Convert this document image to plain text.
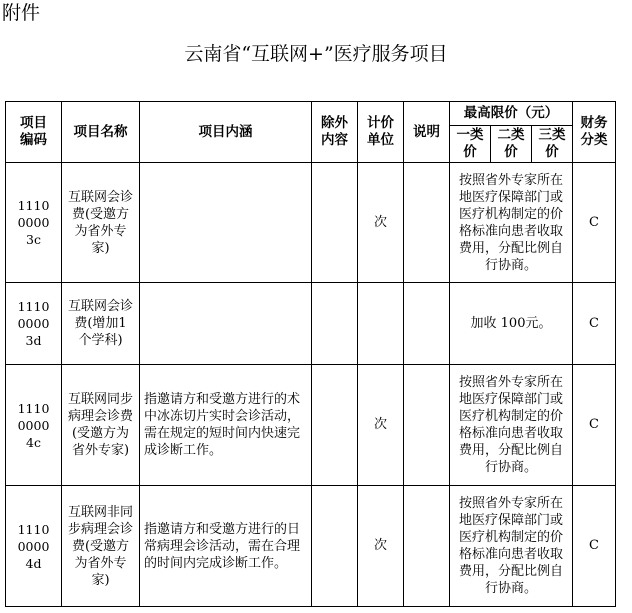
附件
云南省“互联网+”医疗服务项目
项目编码	项目名称	项目内涵	除外内容	计价单位	说明	最高限价（元）			财务分类
						一类价	二类价	三类价	
111000003c	互联网会诊费(受邀方为省外专家)			次		按照省外专家所在地医疗保障部门或医疗机构制定的价格标准向患者收取费用，分配比例自行协商。			C
111000003d	互联网会诊费(增加1个学科)					加收 100元。			C
111000004c	互联网同步病理会诊费(受邀方为省外专家)	指邀请方和受邀方进行的术中冰冻切片实时会诊活动，需在规定的短时间内快速完成诊断工作。		次		按照省外专家所在地医疗保障部门或医疗机构制定的价格标准向患者收取费用，分配比例自行协商。			C
111000004d	互联网非同步病理会诊费(受邀方为省外专家)	指邀请方和受邀方进行的日常病理会诊活动，需在合理的时间内完成诊断工作。		次		按照省外专家所在地医疗保障部门或医疗机构制定的价格标准向患者收取费用，分配比例自行协商。			C
